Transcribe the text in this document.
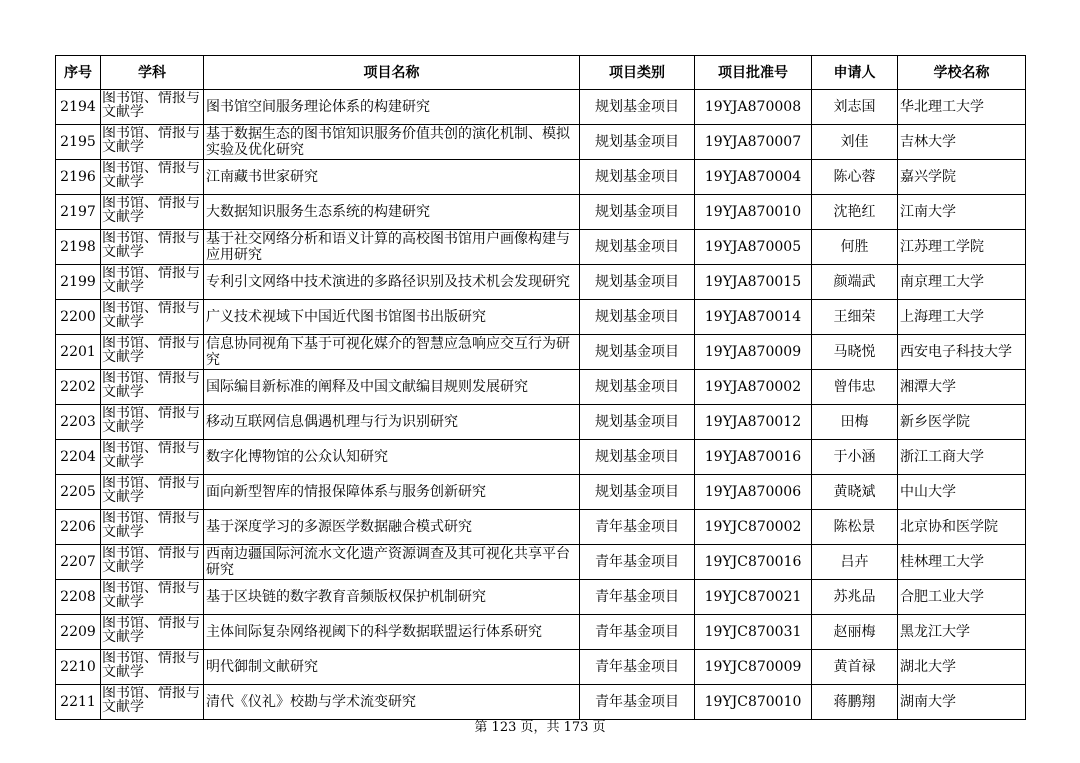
序号	学科	项目名称	项目类别	项目批准号	申请人	学校名称
2194	图书馆、情报与文献学	图书馆空间服务理论体系的构建研究	规划基金项目	19YJA870008	刘志国	华北理工大学

2195	图书馆、情报与文献学	基于数据生态的图书馆知识服务价值共创的演化机制、模拟实验及优化研究	规划基金项目	19YJA870007	刘佳	吉林大学

2196	图书馆、情报与文献学	江南藏书世家研究	规划基金项目	19YJA870004	陈心蓉	嘉兴学院

2197	图书馆、情报与文献学	大数据知识服务生态系统的构建研究	规划基金项目	19YJA870010	沈艳红	江南大学

2198	图书馆、情报与文献学	基于社交网络分析和语义计算的高校图书馆用户画像构建与应用研究	规划基金项目	19YJA870005	何胜	江苏理工学院

2199	图书馆、情报与文献学	专利引文网络中技术演进的多路径识别及技术机会发现研究	规划基金项目	19YJA870015	颜端武	南京理工大学

2200	图书馆、情报与文献学	广义技术视域下中国近代图书馆图书出版研究	规划基金项目	19YJA870014	王细荣	上海理工大学

2201	图书馆、情报与文献学	信息协同视角下基于可视化媒介的智慧应急响应交互行为研究	规划基金项目	19YJA870009	马晓悦	西安电子科技大学

2202	图书馆、情报与文献学	国际编目新标准的阐释及中国文献编目规则发展研究	规划基金项目	19YJA870002	曾伟忠	湘潭大学

2203	图书馆、情报与文献学	移动互联网信息偶遇机理与行为识别研究	规划基金项目	19YJA870012	田梅	新乡医学院

2204	图书馆、情报与文献学	数字化博物馆的公众认知研究	规划基金项目	19YJA870016	于小涵	浙江工商大学

2205	图书馆、情报与文献学	面向新型智库的情报保障体系与服务创新研究	规划基金项目	19YJA870006	黄晓斌	中山大学

2206	图书馆、情报与文献学	基于深度学习的多源医学数据融合模式研究	青年基金项目	19YJC870002	陈松景	北京协和医学院

2207	图书馆、情报与文献学	西南边疆国际河流水文化遗产资源调查及其可视化共享平台研究	青年基金项目	19YJC870016	吕卉	桂林理工大学

2208	图书馆、情报与文献学	基于区块链的数字教育音频版权保护机制研究	青年基金项目	19YJC870021	苏兆品	合肥工业大学

2209	图书馆、情报与文献学	主体间际复杂网络视阈下的科学数据联盟运行体系研究	青年基金项目	19YJC870031	赵丽梅	黑龙江大学

2210	图书馆、情报与文献学	明代御制文献研究	青年基金项目	19YJC870009	黄首禄	湖北大学

2211	图书馆、情报与文献学	清代《仪礼》校勘与学术流变研究	青年基金项目	19YJC870010	蒋鹏翔	湖南大学
第 123 页，共 173 页
